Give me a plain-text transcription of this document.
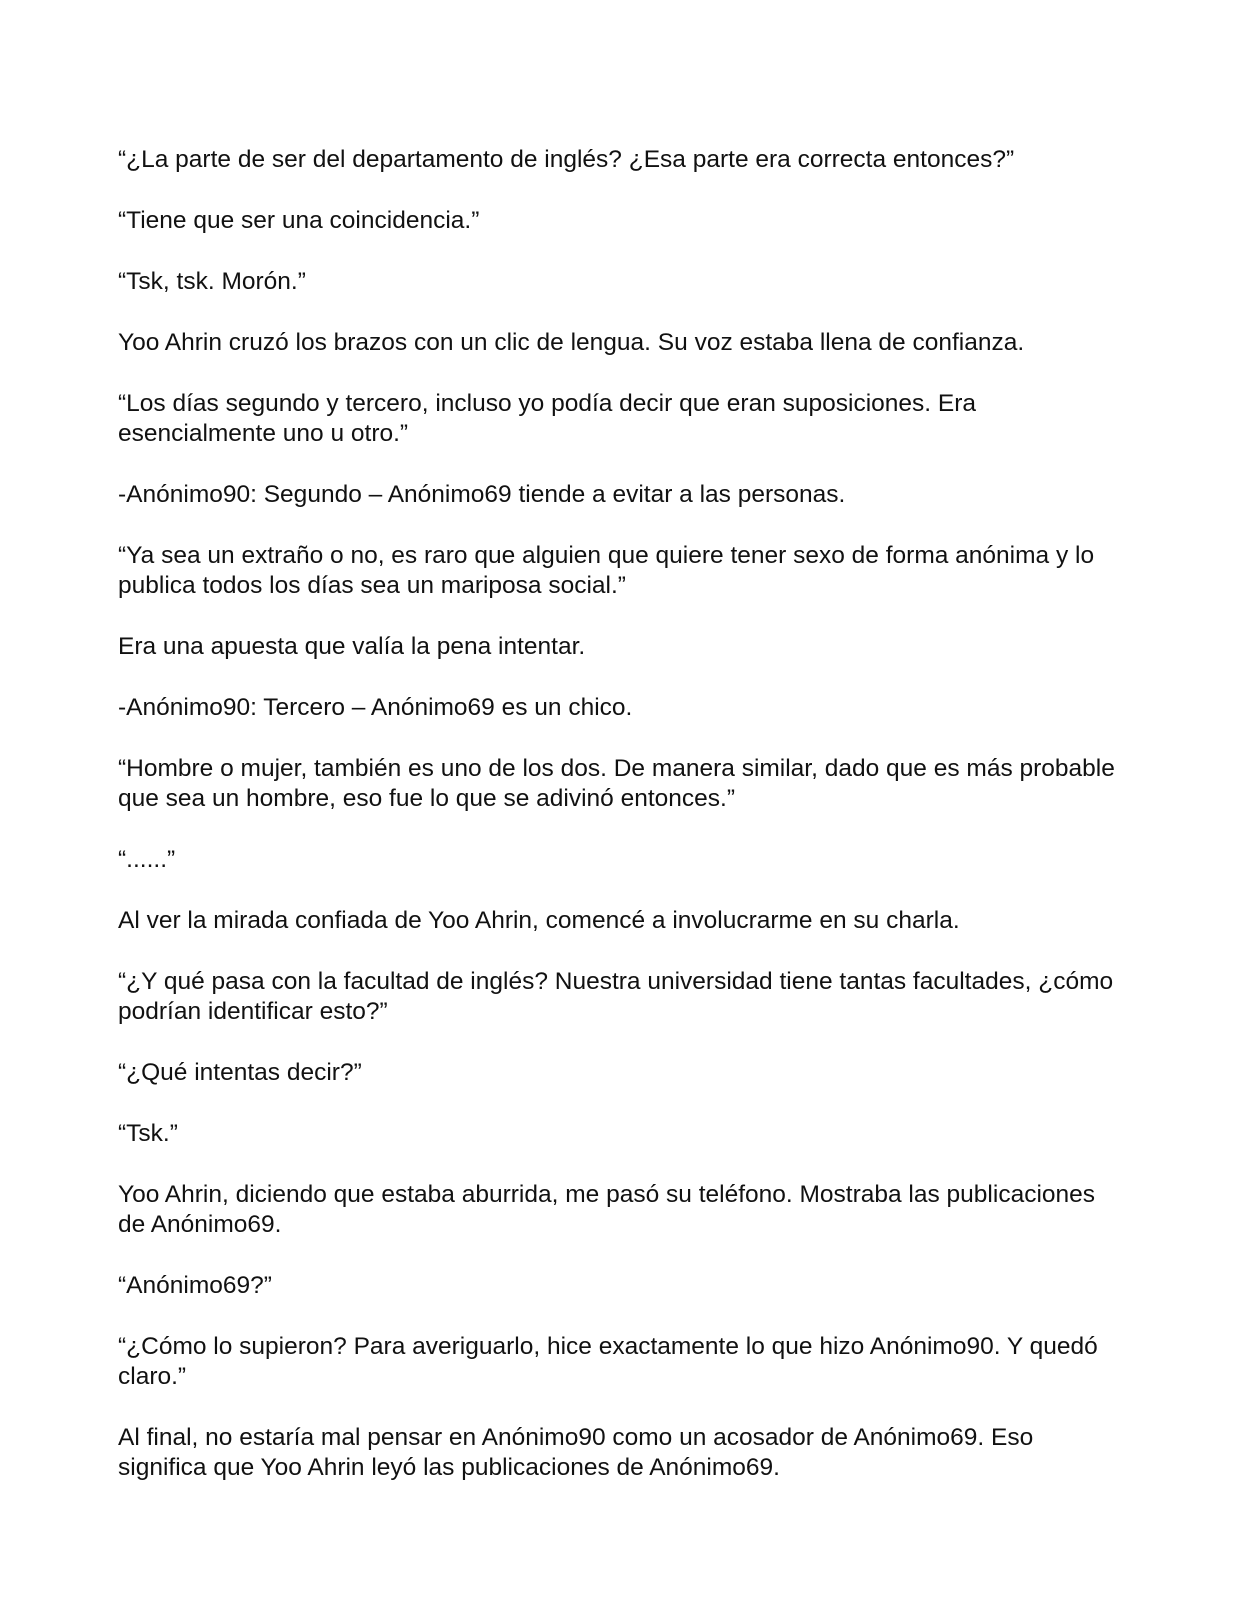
“¿La parte de ser del departamento de inglés? ¿Esa parte era correcta entonces?”

“Tiene que ser una coincidencia.”

“Tsk, tsk. Morón.”

Yoo Ahrin cruzó los brazos con un clic de lengua. Su voz estaba llena de confianza.

“Los días segundo y tercero, incluso yo podía decir que eran suposiciones. Era esencialmente uno u otro.”

-Anónimo90: Segundo – Anónimo69 tiende a evitar a las personas.

“Ya sea un extraño o no, es raro que alguien que quiere tener sexo de forma anónima y lo publica todos los días sea un mariposa social.”

Era una apuesta que valía la pena intentar.

-Anónimo90: Tercero – Anónimo69 es un chico.

“Hombre o mujer, también es uno de los dos. De manera similar, dado que es más probable que sea un hombre, eso fue lo que se adivinó entonces.”

“......”

Al ver la mirada confiada de Yoo Ahrin, comencé a involucrarme en su charla.

“¿Y qué pasa con la facultad de inglés? Nuestra universidad tiene tantas facultades, ¿cómo podrían identificar esto?”

“¿Qué intentas decir?”

“Tsk.”

Yoo Ahrin, diciendo que estaba aburrida, me pasó su teléfono. Mostraba las publicaciones de Anónimo69.

“Anónimo69?”

“¿Cómo lo supieron? Para averiguarlo, hice exactamente lo que hizo Anónimo90. Y quedó claro.”

Al final, no estaría mal pensar en Anónimo90 como un acosador de Anónimo69. Eso significa que Yoo Ahrin leyó las publicaciones de Anónimo69.
